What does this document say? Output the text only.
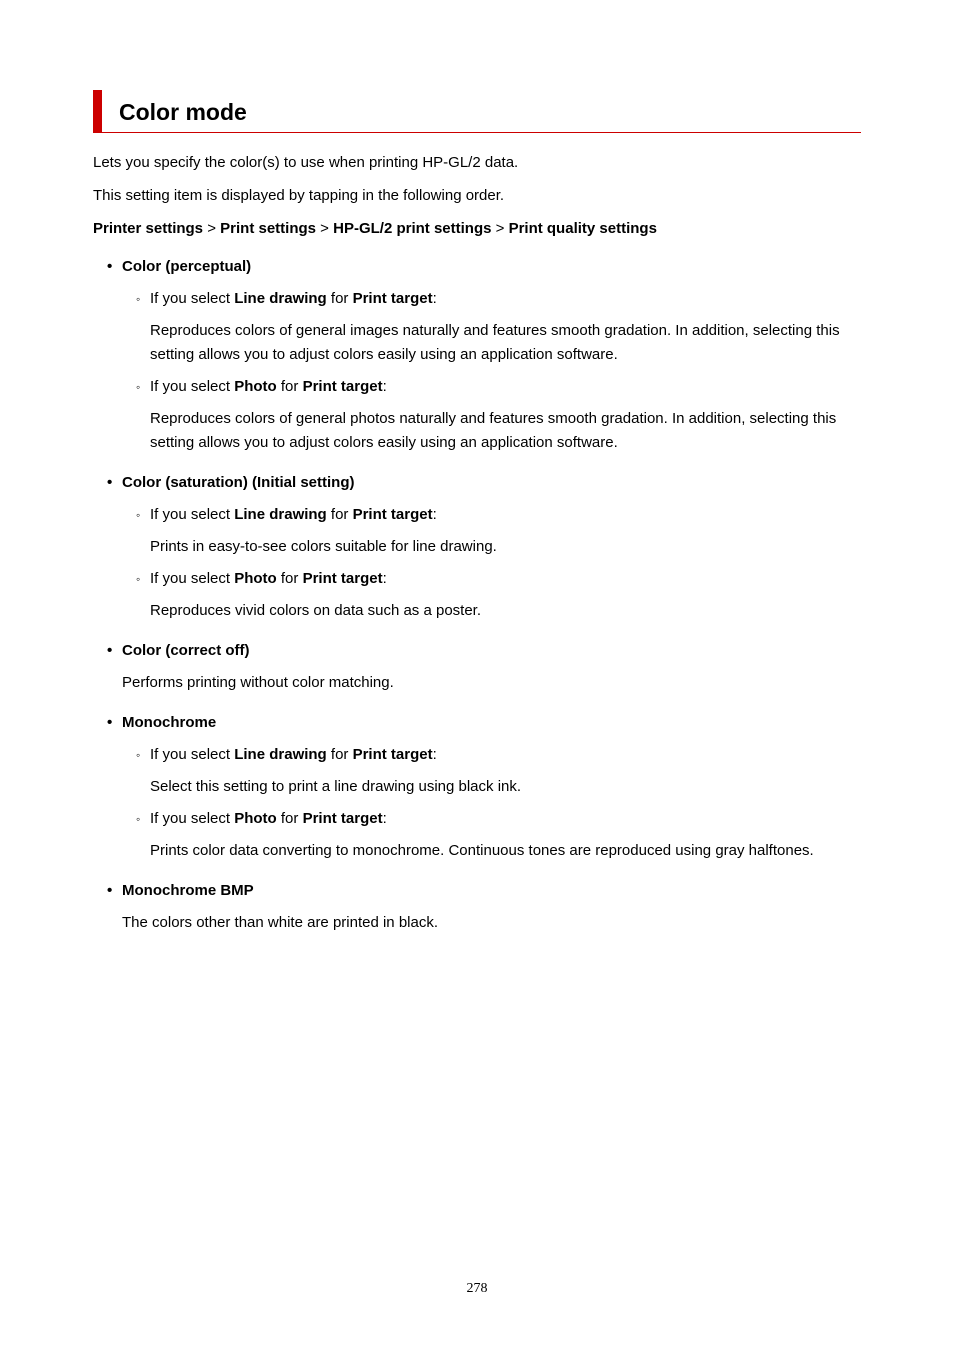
Color mode

Lets you specify the color(s) to use when printing HP-GL/2 data.

This setting item is displayed by tapping in the following order.

Printer settings > Print settings > HP-GL/2 print settings > Print quality settings

• Color (perceptual)
◦ If you select Line drawing for Print target:

Reproduces colors of general images naturally and features smooth gradation. In addition, selecting this setting allows you to adjust colors easily using an application software.

◦ If you select Photo for Print target:

Reproduces colors of general photos naturally and features smooth gradation. In addition, selecting this setting allows you to adjust colors easily using an application software.

• Color (saturation) (Initial setting)
◦ If you select Line drawing for Print target:

Prints in easy-to-see colors suitable for line drawing.

◦ If you select Photo for Print target:

Reproduces vivid colors on data such as a poster.

• Color (correct off)

Performs printing without color matching.

• Monochrome
◦ If you select Line drawing for Print target:

Select this setting to print a line drawing using black ink.

◦ If you select Photo for Print target:

Prints color data converting to monochrome. Continuous tones are reproduced using gray halftones.

• Monochrome BMP

The colors other than white are printed in black.

278
